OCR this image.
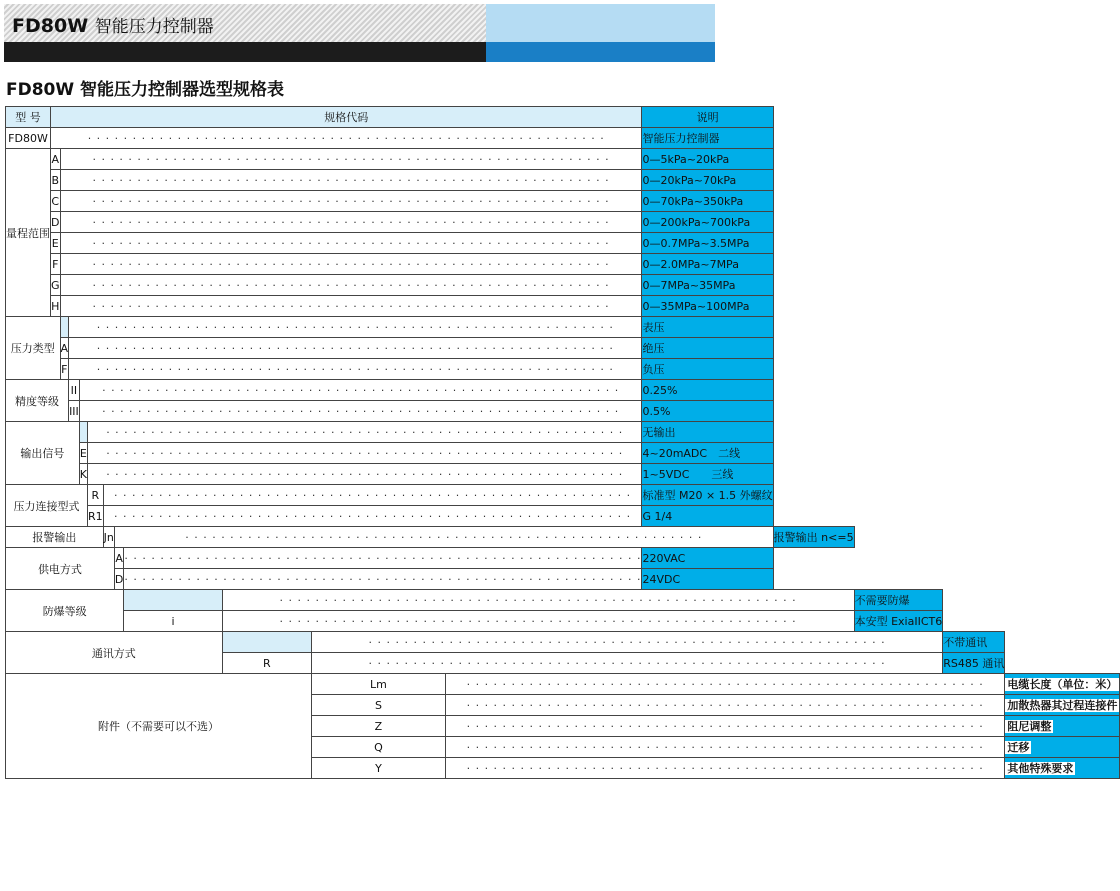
FD80W 智能压力控制器
FD80W 智能压力控制器选型规格表
型 号	规格代码											说明				
FD80W	· · · · · · · · · · · · · · · · · · · · · · · · · · · · · · · · · · · · · · · · · · · · · · · · · · · · · · · · · ·											智能压力控制器				
量程范围	A	· · · · · · · · · · · · · · · · · · · · · · · · · · · · · · · · · · · · · · · · · · · · · · · · · · · · · · · · · ·										0—5kPa~20kPa				
	B	· · · · · · · · · · · · · · · · · · · · · · · · · · · · · · · · · · · · · · · · · · · · · · · · · · · · · · · · · ·										0—20kPa~70kPa				
	C	· · · · · · · · · · · · · · · · · · · · · · · · · · · · · · · · · · · · · · · · · · · · · · · · · · · · · · · · · ·										0—70kPa~350kPa				
	D	· · · · · · · · · · · · · · · · · · · · · · · · · · · · · · · · · · · · · · · · · · · · · · · · · · · · · · · · · ·										0—200kPa~700kPa				
	E	· · · · · · · · · · · · · · · · · · · · · · · · · · · · · · · · · · · · · · · · · · · · · · · · · · · · · · · · · ·										0—0.7MPa~3.5MPa				
	F	· · · · · · · · · · · · · · · · · · · · · · · · · · · · · · · · · · · · · · · · · · · · · · · · · · · · · · · · · ·										0—2.0MPa~7MPa				
	G	· · · · · · · · · · · · · · · · · · · · · · · · · · · · · · · · · · · · · · · · · · · · · · · · · · · · · · · · · ·										0—7MPa~35MPa				
	H	· · · · · · · · · · · · · · · · · · · · · · · · · · · · · · · · · · · · · · · · · · · · · · · · · · · · · · · · · ·										0—35MPa~100MPa				
压力类型			· · · · · · · · · · · · · · · · · · · · · · · · · · · · · · · · · · · · · · · · · · · · · · · · · · · · · · · · · ·									表压				
		A	· · · · · · · · · · · · · · · · · · · · · · · · · · · · · · · · · · · · · · · · · · · · · · · · · · · · · · · · · ·									绝压				
		F	· · · · · · · · · · · · · · · · · · · · · · · · · · · · · · · · · · · · · · · · · · · · · · · · · · · · · · · · · ·									负压				
精度等级			II	· · · · · · · · · · · · · · · · · · · · · · · · · · · · · · · · · · · · · · · · · · · · · · · · · · · · · · · · · ·								0.25%				
			III	· · · · · · · · · · · · · · · · · · · · · · · · · · · · · · · · · · · · · · · · · · · · · · · · · · · · · · · · · ·								0.5%				
输出信号					· · · · · · · · · · · · · · · · · · · · · · · · · · · · · · · · · · · · · · · · · · · · · · · · · · · · · · · · · ·							无输出				
				E	· · · · · · · · · · · · · · · · · · · · · · · · · · · · · · · · · · · · · · · · · · · · · · · · · · · · · · · · · ·							4~20mADC　二线				
				K	· · · · · · · · · · · · · · · · · · · · · · · · · · · · · · · · · · · · · · · · · · · · · · · · · · · · · · · · · ·							1~5VDC　　三线				
压力连接型式					R	· · · · · · · · · · · · · · · · · · · · · · · · · · · · · · · · · · · · · · · · · · · · · · · · · · · · · · · · · ·						标准型 M20 × 1.5 外螺纹				
					R1	· · · · · · · · · · · · · · · · · · · · · · · · · · · · · · · · · · · · · · · · · · · · · · · · · · · · · · · · · ·						G 1/4				
报警输出						Jn	· · · · · · · · · · · · · · · · · · · · · · · · · · · · · · · · · · · · · · · · · · · · · · · · · · · · · · · · · ·						报警输出 n<=5			
供电方式							A	· · · · · · · · · · · · · · · · · · · · · · · · · · · · · · · · · · · · · · · · · · · · · · · · · · · · · · · · · ·				220VAC				
							D	· · · · · · · · · · · · · · · · · · · · · · · · · · · · · · · · · · · · · · · · · · · · · · · · · · · · · · · · · ·				24VDC				
防爆等级									· · · · · · · · · · · · · · · · · · · · · · · · · · · · · · · · · · · · · · · · · · · · · · · · · · · · · · · · · ·					不需要防爆		
								i	· · · · · · · · · · · · · · · · · · · · · · · · · · · · · · · · · · · · · · · · · · · · · · · · · · · · · · · · · ·					本安型 ExiaIICT6		
通讯方式										· · · · · · · · · · · · · · · · · · · · · · · · · · · · · · · · · · · · · · · · · · · · · · · · · · · · · · · · · ·					不带通讯	
									R	· · · · · · · · · · · · · · · · · · · · · · · · · · · · · · · · · · · · · · · · · · · · · · · · · · · · · · · · · ·					RS485 通讯	
附件（不需要可以不选）										Lm	· · · · · · · · · · · · · · · · · · · · · · · · · · · · · · · · · · · · · · · · · · · · · · · · · · · · · · · · · ·					电缆长度（单位：米）
										S	· · · · · · · · · · · · · · · · · · · · · · · · · · · · · · · · · · · · · · · · · · · · · · · · · · · · · · · · · ·					加散热器其过程连接件
										Z	· · · · · · · · · · · · · · · · · · · · · · · · · · · · · · · · · · · · · · · · · · · · · · · · · · · · · · · · · ·					阻尼调整
										Q	· · · · · · · · · · · · · · · · · · · · · · · · · · · · · · · · · · · · · · · · · · · · · · · · · · · · · · · · · ·					迁移
										Y	· · · · · · · · · · · · · · · · · · · · · · · · · · · · · · · · · · · · · · · · · · · · · · · · · · · · · · · · · ·					其他特殊要求
